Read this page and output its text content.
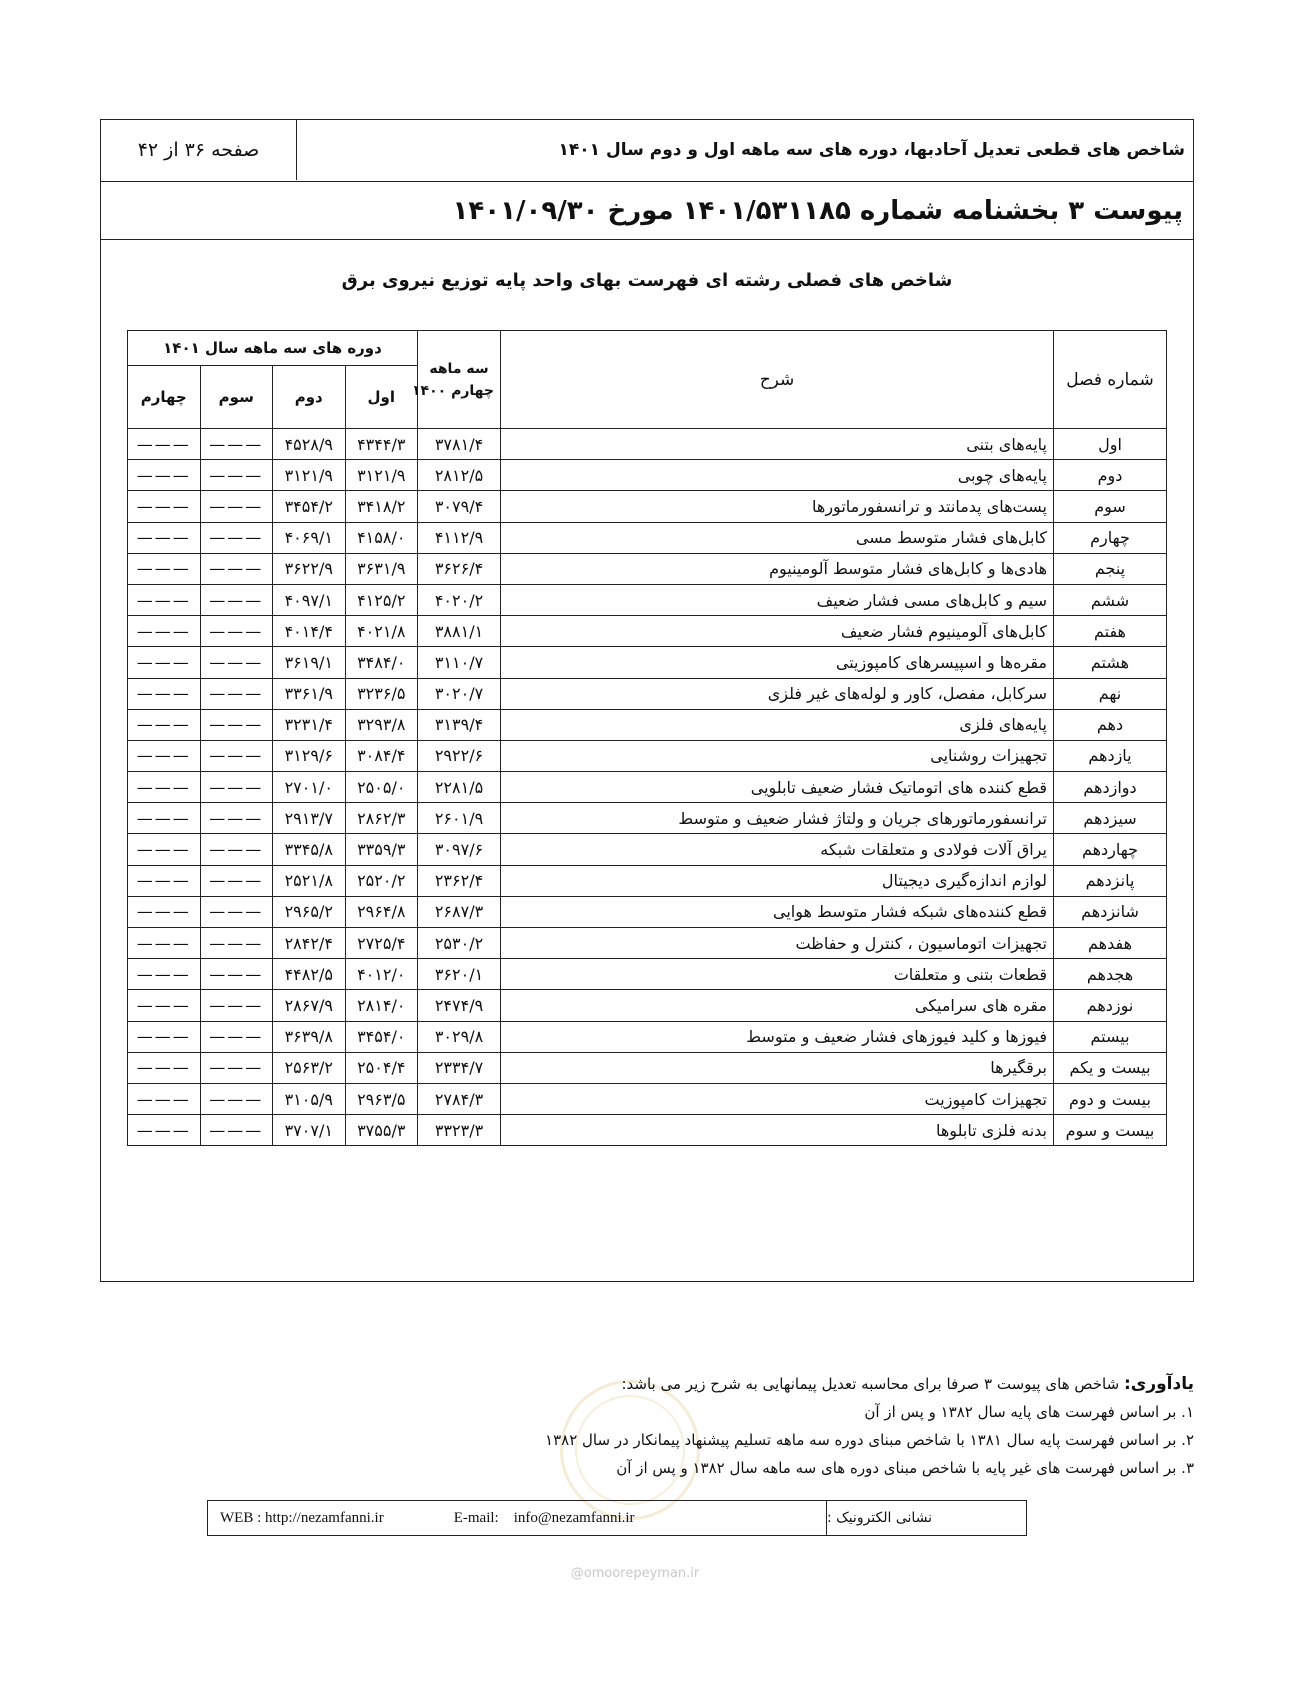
شاخص های قطعی تعدیل آحادبها، دوره های سه ماهه اول و دوم سال ۱۴۰۱
صفحه ۳۶ از ۴۲
پیوست ۳ بخشنامه شماره ۱۴۰۱/۵۳۱۱۸۵ مورخ ۱۴۰۱/۰۹/۳۰
شاخص های فصلی رشته ای فهرست بهای واحد پایه توزیع نیروی برق
شماره فصل	شرح	سه ماهه
چهارم ۱۴۰۰	دوره های سه ماهه سال ۱۴۰۱			
			اول	دوم	سوم	چهارم
اول	پایه‌های بتنی	۳۷۸۱/۴	۴۳۴۴/۳	۴۵۲۸/۹	———	———
دوم	پایه‌های چوبی	۲۸۱۲/۵	۳۱۲۱/۹	۳۱۲۱/۹	———	———
سوم	پست‌های پدمانتد و ترانسفورماتورها	۳۰۷۹/۴	۳۴۱۸/۲	۳۴۵۴/۲	———	———
چهارم	کابل‌های فشار متوسط مسی	۴۱۱۲/۹	۴۱۵۸/۰	۴۰۶۹/۱	———	———
پنجم	هادی‌ها و کابل‌های فشار متوسط آلومینیوم	۳۶۲۶/۴	۳۶۳۱/۹	۳۶۲۲/۹	———	———
ششم	سیم و کابل‌های مسی فشار ضعیف	۴۰۲۰/۲	۴۱۲۵/۲	۴۰۹۷/۱	———	———
هفتم	کابل‌های آلومینیوم فشار ضعیف	۳۸۸۱/۱	۴۰۲۱/۸	۴۰۱۴/۴	———	———
هشتم	مقره‌ها و اسپیسرهای کامپوزیتی	۳۱۱۰/۷	۳۴۸۴/۰	۳۶۱۹/۱	———	———
نهم	سرکابل، مفصل، کاور و لوله‌های غیر فلزی	۳۰۲۰/۷	۳۲۳۶/۵	۳۳۶۱/۹	———	———
دهم	پایه‌های فلزی	۳۱۳۹/۴	۳۲۹۳/۸	۳۲۳۱/۴	———	———
یازدهم	تجهیزات روشنایی	۲۹۲۲/۶	۳۰۸۴/۴	۳۱۲۹/۶	———	———
دوازدهم	قطع کننده های اتوماتیک فشار ضعیف تابلویی	۲۲۸۱/۵	۲۵۰۵/۰	۲۷۰۱/۰	———	———
سیزدهم	ترانسفورماتورهای جریان و ولتاژ فشار ضعیف و متوسط	۲۶۰۱/۹	۲۸۶۲/۳	۲۹۱۳/۷	———	———
چهاردهم	یراق آلات فولادی و متعلقات شبکه	۳۰۹۷/۶	۳۳۵۹/۳	۳۳۴۵/۸	———	———
پانزدهم	لوازم اندازه‌گیری دیجیتال	۲۳۶۲/۴	۲۵۲۰/۲	۲۵۲۱/۸	———	———
شانزدهم	قطع کننده‌های شبکه فشار متوسط هوایی	۲۶۸۷/۳	۲۹۶۴/۸	۲۹۶۵/۲	———	———
هفدهم	تجهیزات اتوماسیون ، کنترل و حفاظت	۲۵۳۰/۲	۲۷۲۵/۴	۲۸۴۲/۴	———	———
هجدهم	قطعات بتنی و متعلقات	۳۶۲۰/۱	۴۰۱۲/۰	۴۴۸۲/۵	———	———
نوزدهم	مقره های سرامیکی	۲۴۷۴/۹	۲۸۱۴/۰	۲۸۶۷/۹	———	———
بیستم	فیوزها و کلید فیوزهای فشار ضعیف و متوسط	۳۰۲۹/۸	۳۴۵۴/۰	۳۶۳۹/۸	———	———
بیست و یکم	برقگیرها	۲۳۳۴/۷	۲۵۰۴/۴	۲۵۶۳/۲	———	———
بیست و دوم	تجهیزات کامپوزیت	۲۷۸۴/۳	۲۹۶۳/۵	۳۱۰۵/۹	———	———
بیست و سوم	بدنه فلزی تابلوها	۳۳۲۳/۳	۳۷۵۵/۳	۳۷۰۷/۱	———	———
یادآوری: شاخص های پیوست ۳ صرفا برای محاسبه تعدیل پیمانهایی به شرح زیر می باشد:
۱. بر اساس فهرست های پایه سال ۱۳۸۲ و پس از آن
۲. بر اساس فهرست پایه سال ۱۳۸۱ با شاخص مبنای دوره سه ماهه تسلیم پیشنهاد پیمانکار در سال ۱۳۸۲
۳. بر اساس فهرست های غیر پایه با شاخص مبنای دوره های سه ماهه سال ۱۳۸۲ و پس از آن
نشانی الکترونیک :
WEB : http://nezamfanni.ir	E-mail:    info@nezamfanni.ir
@omoorepeyman.ir
